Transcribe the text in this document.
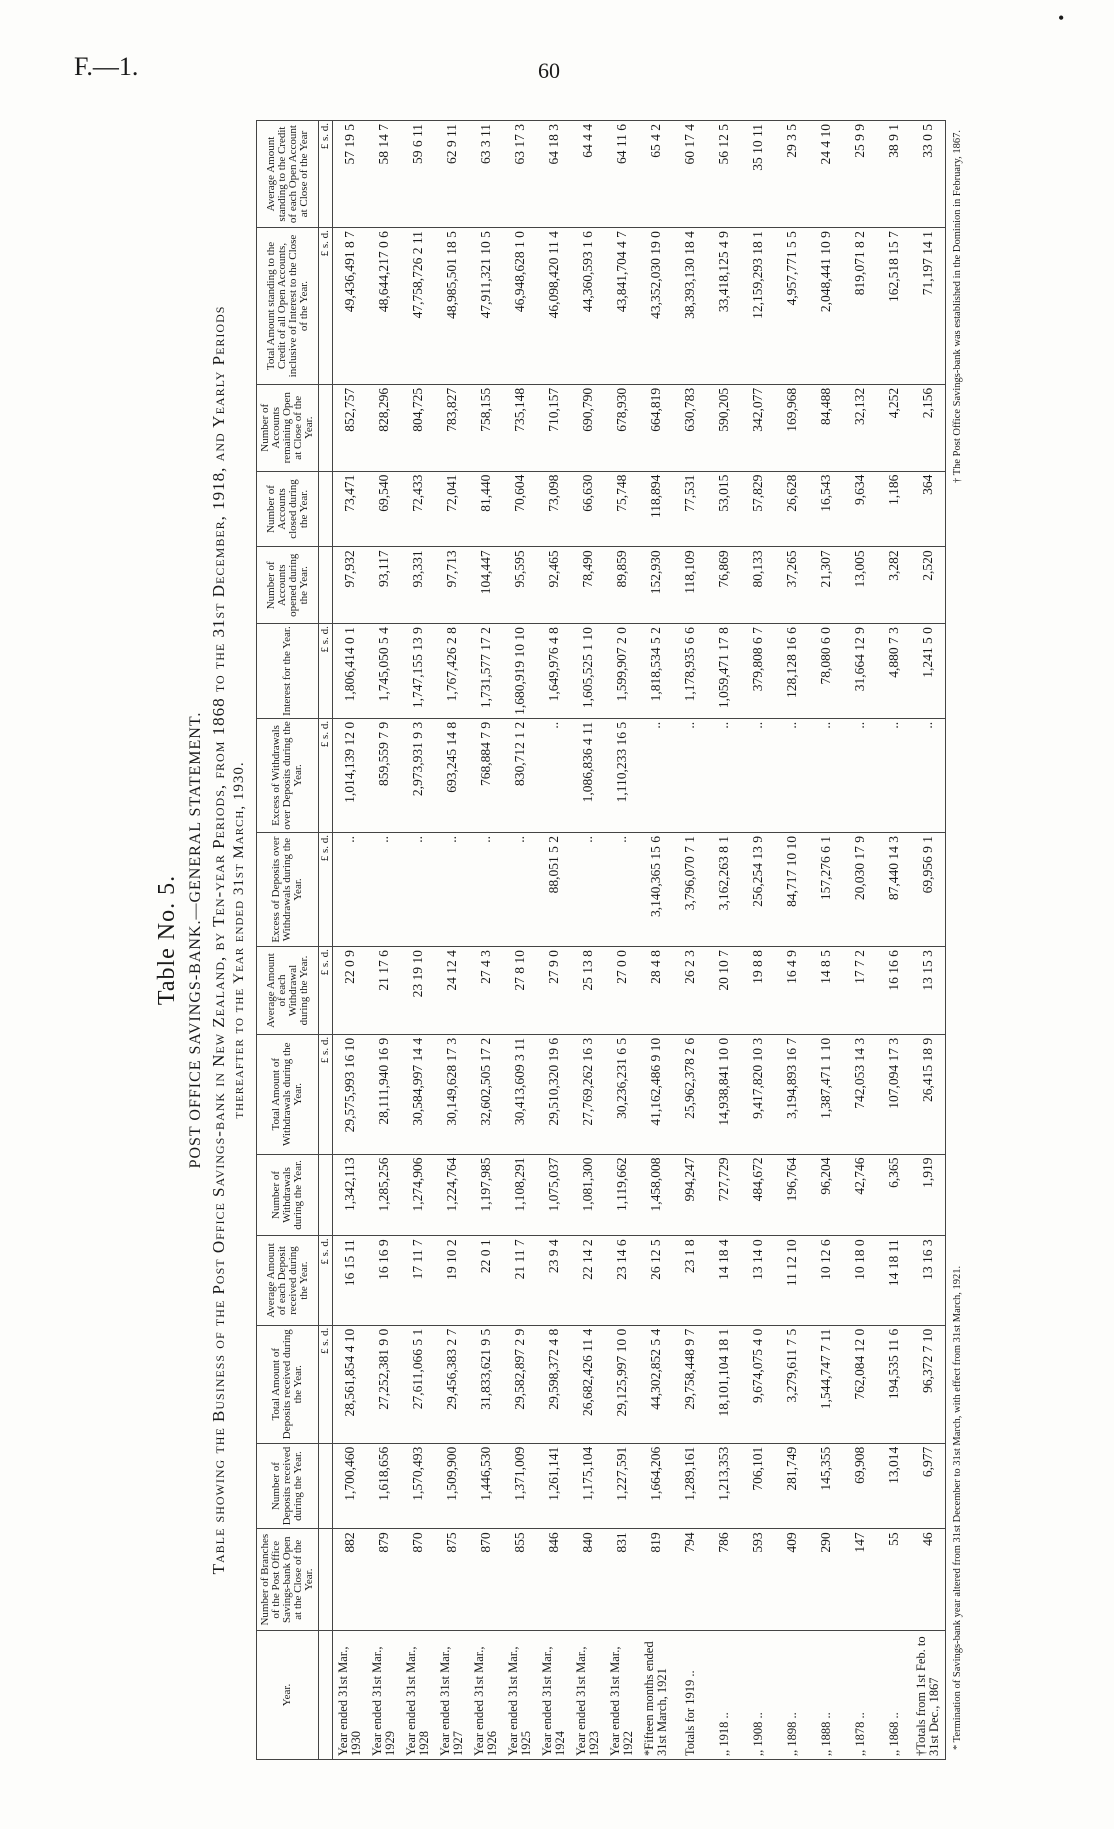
F.—1.	60
•
Table No. 5. POST OFFICE SAVINGS-BANK.—GENERAL STATEMENT. Table showing the Business of the Post Office Savings-bank in New Zealand, by Ten-year Periods, from 1868 to the 31st December, 1918, and Yearly Periods thereafter to the Year ended 31st March, 1930.
Year.	Number of Branches of the Post Office Savings-bank Open at the Close of the Year.	Number of Deposits received during the Year.	Total Amount of Deposits received during the Year.	Average Amount of each Deposit received during the Year.	Number of Withdrawals during the Year.	Total Amount of Withdrawals during the Year.	Average Amount of each Withdrawal during the Year.	Excess of Deposits over Withdrawals during the Year.	Excess of Withdrawals over Deposits during the Year.	Interest for the Year.	Number of Accounts opened during the Year.	Number of Accounts closed during the Year.	Number of Accounts remaining Open at Close of the Year.	Total Amount standing to the Credit of all Open Accounts, inclusive of Interest to the Close of the Year.	Average Amount standing to the Credit of each Open Account at Close of the Year
			£ s. d.	£ s. d.		£ s. d.	£ s. d.	£ s. d.	£ s. d.	£ s. d.				£ s. d.	£ s. d.
Year ended 31st Mar., 1930	882	1,700,460	28,561,854 4 10	16 15 11	1,342,113	29,575,993 16 10	22 0 9	..	1,014,139 12 0	1,806,414 0 1	97,932	73,471	852,757	49,436,491 8 7	57 19 5
Year ended 31st Mar., 1929	879	1,618,656	27,252,381 9 0	16 16 9	1,285,256	28,111,940 16 9	21 17 6	..	859,559 7 9	1,745,050 5 4	93,117	69,540	828,296	48,644,217 0 6	58 14 7
Year ended 31st Mar., 1928	870	1,570,493	27,611,066 5 1	17 11 7	1,274,906	30,584,997 14 4	23 19 10	..	2,973,931 9 3	1,747,155 13 9	93,331	72,433	804,725	47,758,726 2 11	59 6 11
Year ended 31st Mar., 1927	875	1,509,900	29,456,383 2 7	19 10 2	1,224,764	30,149,628 17 3	24 12 4	..	693,245 14 8	1,767,426 2 8	97,713	72,041	783,827	48,985,501 18 5	62 9 11
Year ended 31st Mar., 1926	870	1,446,530	31,833,621 9 5	22 0 1	1,197,985	32,602,505 17 2	27 4 3	..	768,884 7 9	1,731,577 17 2	104,447	81,440	758,155	47,911,321 10 5	63 3 11
Year ended 31st Mar., 1925	855	1,371,009	29,582,897 2 9	21 11 7	1,108,291	30,413,609 3 11	27 8 10	..	830,712 1 2	1,680,919 10 10	95,595	70,604	735,148	46,948,628 1 0	63 17 3
Year ended 31st Mar., 1924	846	1,261,141	29,598,372 4 8	23 9 4	1,075,037	29,510,320 19 6	27 9 0	88,051 5 2	..	1,649,976 4 8	92,465	73,098	710,157	46,098,420 11 4	64 18 3
Year ended 31st Mar., 1923	840	1,175,104	26,682,426 11 4	22 14 2	1,081,300	27,769,262 16 3	25 13 8	..	1,086,836 4 11	1,605,525 1 10	78,490	66,630	690,790	44,360,593 1 6	64 4 4
Year ended 31st Mar., 1922	831	1,227,591	29,125,997 10 0	23 14 6	1,119,662	30,236,231 6 5	27 0 0	..	1,110,233 16 5	1,599,907 2 0	89,859	75,748	678,930	43,841,704 4 7	64 11 6
*Fifteen months ended 31st March, 1921	819	1,664,206	44,302,852 5 4	26 12 5	1,458,008	41,162,486 9 10	28 4 8	3,140,365 15 6	..	1,818,534 5 2	152,930	118,894	664,819	43,352,030 19 0	65 4 2
Totals for 1919 ..	794	1,289,161	29,758,448 9 7	23 1 8	994,247	25,962,378 2 6	26 2 3	3,796,070 7 1	..	1,178,935 6 6	118,109	77,531	630,783	38,393,130 18 4	60 17 4
,, 1918 ..	786	1,213,353	18,101,104 18 1	14 18 4	727,729	14,938,841 10 0	20 10 7	3,162,263 8 1	..	1,059,471 17 8	76,869	53,015	590,205	33,418,125 4 9	56 12 5
,, 1908 ..	593	706,101	9,674,075 4 0	13 14 0	484,672	9,417,820 10 3	19 8 8	256,254 13 9	..	379,808 6 7	80,133	57,829	342,077	12,159,293 18 1	35 10 11
,, 1898 ..	409	281,749	3,279,611 7 5	11 12 10	196,764	3,194,893 16 7	16 4 9	84,717 10 10	..	128,128 16 6	37,265	26,628	169,968	4,957,771 5 5	29 3 5
,, 1888 ..	290	145,355	1,544,747 7 11	10 12 6	96,204	1,387,471 1 10	14 8 5	157,276 6 1	..	78,080 6 0	21,307	16,543	84,488	2,048,441 10 9	24 4 10
,, 1878 ..	147	69,908	762,084 12 0	10 18 0	42,746	742,053 14 3	17 7 2	20,030 17 9	..	31,664 12 9	13,005	9,634	32,132	819,071 8 2	25 9 9
,, 1868 ..	55	13,014	194,535 11 6	14 18 11	6,365	107,094 17 3	16 16 6	87,440 14 3	..	4,880 7 3	3,282	1,186	4,252	162,518 15 7	38 9 1
†Totals from 1st Feb. to 31st Dec., 1867	46	6,977	96,372 7 10	13 16 3	1,919	26,415 18 9	13 15 3	69,956 9 1	..	1,241 5 0	2,520	364	2,156	71,197 14 1	33 0 5
* Termination of Savings-bank year altered from 31st December to 31st March, with effect from 31st March, 1921.
† The Post Office Savings-bank was established in the Dominion in February, 1867.
